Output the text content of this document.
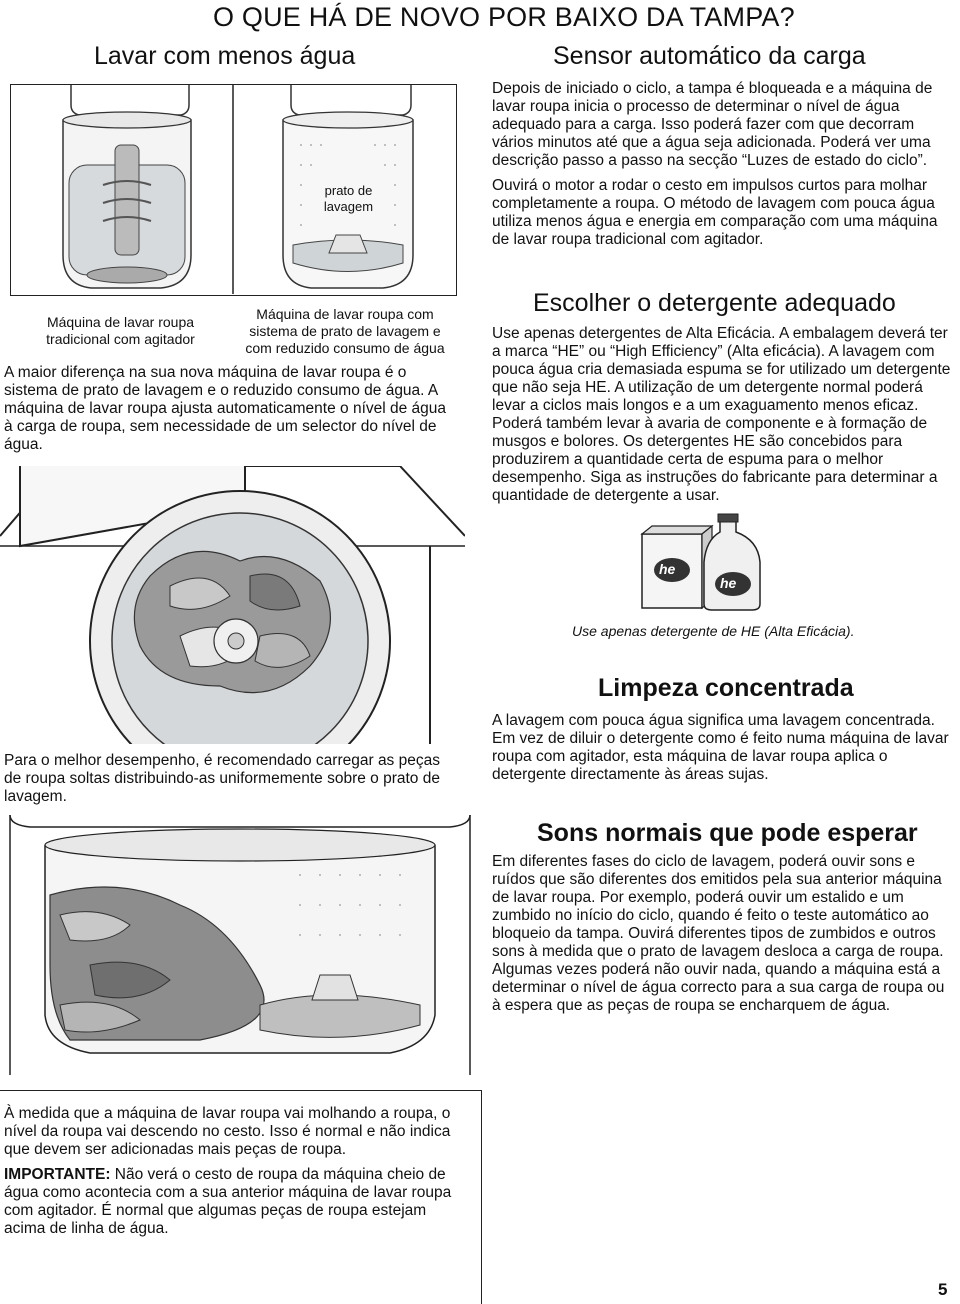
O QUE HÁ DE NOVO POR BAIXO DA TAMPA?
Lavar com menos água	Sensor automático da carga
prato de lavagem
Máquina de lavar roupa tradicional com agitador
Máquina de lavar roupa com sistema de prato de lavagem e com reduzido consumo de água

A maior diferença na sua nova máquina de lavar roupa é o sistema de prato de lavagem e o reduzido consumo de água. A máquina de lavar roupa ajusta automaticamente o nível de água à carga de roupa, sem necessidade de um selector do nível de água.

Para o melhor desempenho, é recomendado carregar as peças de roupa soltas distribuindo-as uniformemente sobre o prato de lavagem.

À medida que a máquina de lavar roupa vai molhando a roupa, o nível da roupa vai descendo no cesto. Isso é normal e não indica que devem ser adicionadas mais peças de roupa.

IMPORTANTE: Não verá o cesto de roupa da máquina cheio de água como acontecia com a sua anterior máquina de lavar roupa com agitador. É normal que algumas peças de roupa estejam acima de linha de água.

Depois de iniciado o ciclo, a tampa é bloqueada e a máquina de lavar roupa inicia o processo de determinar o nível de água adequado para a carga. Isso poderá fazer com que decorram vários minutos até que a água seja adicionada. Poderá ver uma descrição passo a passo na secção “Luzes de estado do ciclo”.

Ouvirá o motor a rodar o cesto em impulsos curtos para molhar completamente a roupa. O método de lavagem com pouca água utiliza menos água e energia em comparação com uma máquina de lavar roupa tradicional com agitador.

Escolher o detergente adequado

Use apenas detergentes de Alta Eficácia. A embalagem deverá ter a marca “HE” ou “High Efficiency” (Alta eficácia). A lavagem com pouca água cria demasiada espuma se for utilizado um detergente que não seja HE. A utilização de um detergente normal poderá levar a ciclos mais longos e a um exaguamento menos eficaz. Poderá também levar à avaria de componente e à formação de musgos e bolores. Os detergentes HE são concebidos para produzirem a quantidade certa de espuma para o melhor desempenho. Siga as instruções do fabricante para determinar a quantidade de detergente a usar.

he
he

Use apenas detergente de HE (Alta Eficácia).

Limpeza concentrada

A lavagem com pouca água significa uma lavagem concentrada. Em vez de diluir o detergente como é feito numa máquina de lavar roupa com agitador, esta máquina de lavar roupa aplica o detergente directamente às áreas sujas.

Sons normais que pode esperar

Em diferentes fases do ciclo de lavagem, poderá ouvir sons e ruídos que são diferentes dos emitidos pela sua anterior máquina de lavar roupa. Por exemplo, poderá ouvir um estalido e um zumbido no início do ciclo, quando é feito o teste automático ao bloqueio da tampa. Ouvirá diferentes tipos de zumbidos e outros sons à medida que o prato de lavagem desloca a carga de roupa. Algumas vezes poderá não ouvir nada, quando a máquina está a determinar o nível de água correcto para a sua carga de roupa ou à espera que as peças de roupa se encharquem de água.

5
